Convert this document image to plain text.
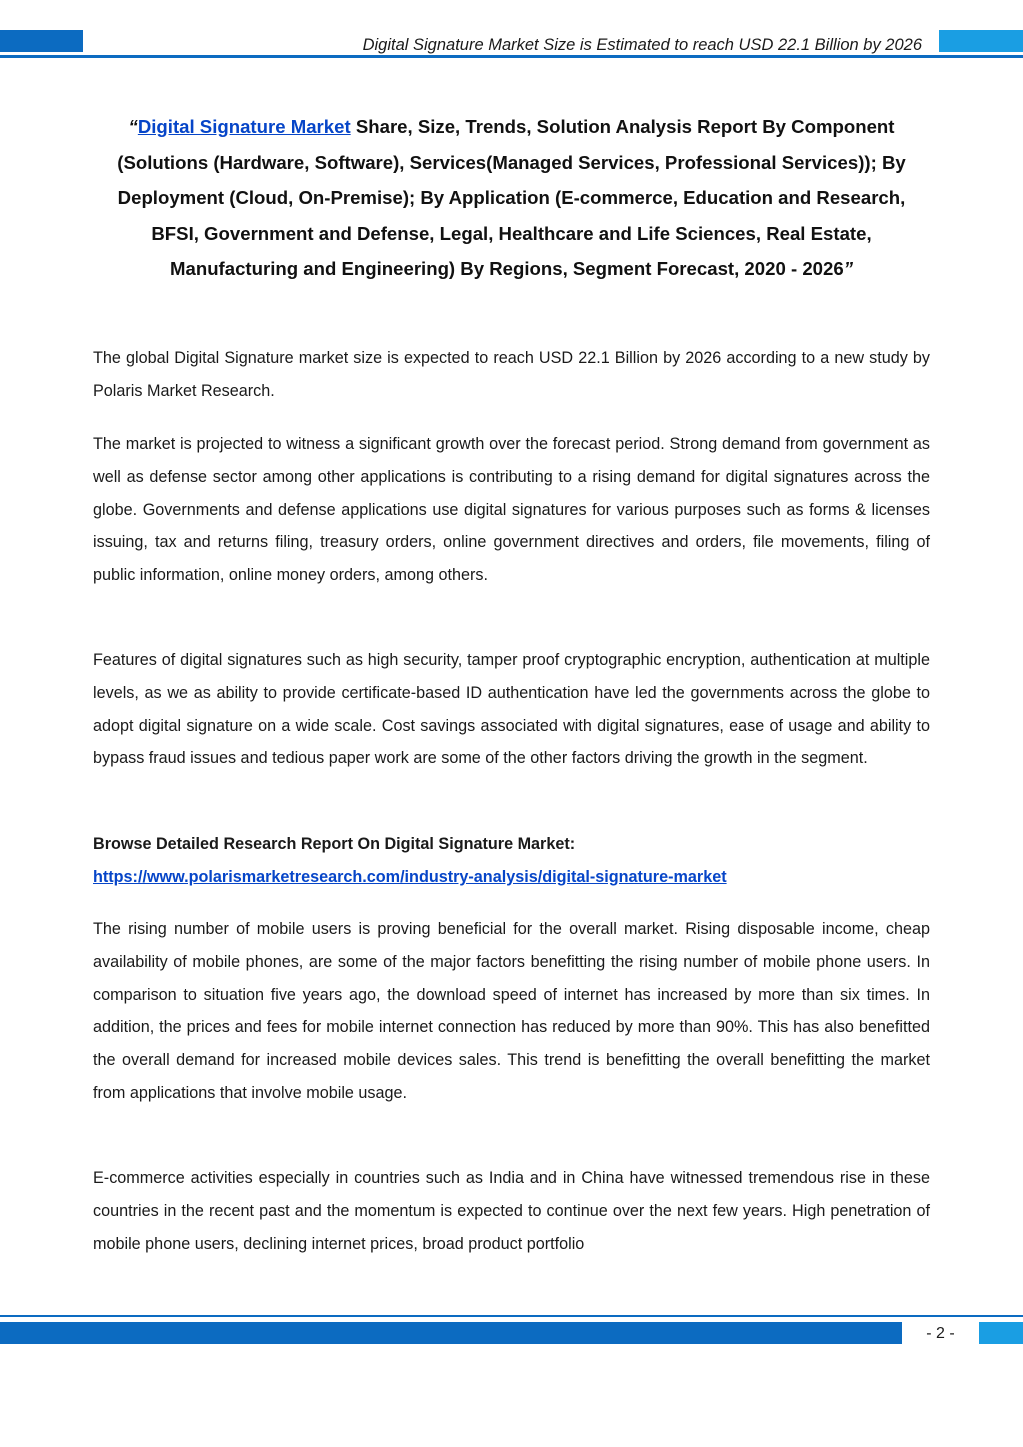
Digital Signature Market Size is Estimated to reach USD 22.1 Billion by 2026
“Digital Signature Market Share, Size, Trends, Solution Analysis Report By Component (Solutions (Hardware, Software), Services(Managed Services, Professional Services)); By Deployment (Cloud, On-Premise); By Application (E-commerce, Education and Research, BFSI, Government and Defense, Legal, Healthcare and Life Sciences, Real Estate, Manufacturing and Engineering) By Regions, Segment Forecast, 2020 - 2026”
The global Digital Signature market size is expected to reach USD 22.1 Billion by 2026 according to a new study by Polaris Market Research.
The market is projected to witness a significant growth over the forecast period. Strong demand from government as well as defense sector among other applications is contributing to a rising demand for digital signatures across the globe. Governments and defense applications use digital signatures for various purposes such as forms & licenses issuing, tax and returns filing, treasury orders, online government directives and orders, file movements, filing of public information, online money orders, among others.
Features of digital signatures such as high security, tamper proof cryptographic encryption, authentication at multiple levels, as we as ability to provide certificate-based ID authentication have led the governments across the globe to adopt digital signature on a wide scale. Cost savings associated with digital signatures, ease of usage and ability to bypass fraud issues and tedious paper work are some of the other factors driving the growth in the segment.
Browse Detailed Research Report On Digital Signature Market:
https://www.polarismarketresearch.com/industry-analysis/digital-signature-market
The rising number of mobile users is proving beneficial for the overall market. Rising disposable income, cheap availability of mobile phones, are some of the major factors benefitting the rising number of mobile phone users. In comparison to situation five years ago, the download speed of internet has increased by more than six times. In addition, the prices and fees for mobile internet connection has reduced by more than 90%. This has also benefitted the overall demand for increased mobile devices sales. This trend is benefitting the overall benefitting the market from applications that involve mobile usage.
E-commerce activities especially in countries such as India and in China have witnessed tremendous rise in these countries in the recent past and the momentum is expected to continue over the next few years. High penetration of mobile phone users, declining internet prices, broad product portfolio
- 2 -
